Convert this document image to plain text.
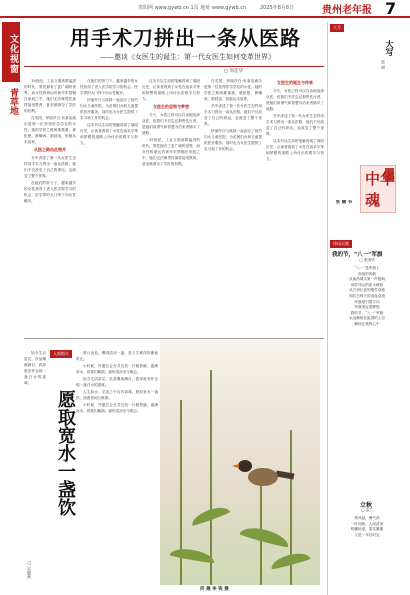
贵阳网 www.gywb.cn 1页 地址 www.gywb.cn	2025年8月8日	贵州老年报 7
文化视窗
青草地
用手术刀拼出一条从医路
——邀谈《女医生的诞生：第一代女医生如何变革世界》
□ 周佳华

19世纪，工业文明高歌猛进的时代，男性拥有了更广阔的世界，而女性的命运仍被牢牢禁锢在家庭之中，她们无法像男性那样接受教育，甚至被剥夺了学医的权利。

在英国，伊丽莎白·布莱克威尔是第一位获得医学学位的女性。她的学医之路困难重重，被拒绝、被嘲讽、被歧视，但她从未放弃。

从医之路由此展开

书中讲述了第一代女医生怎样用手术刀拼出一条从医路，她们不仅改变了自己的命运，也改变了整个世界。

在她们的努力下，越来越多的女性获得了进入医学院学习的机会，医学界的大门终于向女性敞开。

在她们的努力下，越来越多的女性获得了进入医学院学习的机会，医学界的大门终于向女性敞开。

伊丽莎白与妹妹一起创办了纽约妇女儿童医院，为贫困妇女和儿童提供医疗服务，同时也为女医生提供了实习和工作的机会。

这本书以生动的笔触再现了那段历史，让读者看到了女性在追求平等和梦想的道路上所付出的艰辛与努力。

这本书以生动的笔触再现了那段历史，让读者看到了女性在追求平等和梦想的道路上所付出的艰辛与努力。

女医生的坚韧与梦想

今天，女性已经可以自由地选择从医，但我们不应忘记那些先行者，是她们用勇气和智慧为后来者铺平了道路。

19世纪，工业文明高歌猛进的时代，男性拥有了更广阔的世界，而女性的命运仍被牢牢禁锢在家庭之中，她们无法像男性那样接受教育，甚至被剥夺了学医的权利。

在英国，伊丽莎白·布莱克威尔是第一位获得医学学位的女性。她的学医之路困难重重，被拒绝、被嘲讽、被歧视，但她从未放弃。

书中讲述了第一代女医生怎样用手术刀拼出一条从医路，她们不仅改变了自己的命运，也改变了整个世界。

伊丽莎白与妹妹一起创办了纽约妇女儿童医院，为贫困妇女和儿童提供医疗服务，同时也为女医生提供了实习和工作的机会。

女医生的诞生与传承

今天，女性已经可以自由地选择从医，但我们不应忘记那些先行者，是她们用勇气和智慧为后来者铺平了道路。

书中讲述了第一代女医生怎样用手术刀拼出一条从医路，她们不仅改变了自己的命运，也改变了整个世界。

这本书以生动的笔触再现了那段历史，让读者看到了女性在追求平等和梦想的道路上所付出的艰辛与努力。

人间烟火
愿取宽水一盏饮

夏日炎炎，偶得清凉一盏，是人生难得的惬意时光。

小时候，外婆总会在井边放一只粗瓷碗，盛满凉水，供我们解渴。那份清凉至今难忘。

如今生活富足，饮品琳琅满目，我却愈发怀念那一盏白水的滋味。

人生如水，平淡之中自有真味。愿取宽水一盏饮，淡看世间万般事。

小时候，外婆总会在井边放一只粗瓷碗，盛满凉水，供我们解渴。那份清凉至今难忘。

如今生活富足，饮品琳琅满目，我却愈发怀念那一盏白水的滋味。

□ 吴晓燕
同 趣 李 锐 摄
大写
大写
雷 丽
中华魂
张 鹏 书
诗词天地
我的节，“八一”军旗
□ 张国华
“八一”是军旗上
高扬的风帆
从南昌城头第一声枪响
到井冈山的星火燎原
从万里长征的艰苦卓绝
到抗日烽火的浴血奋战
军旗指引着方向
军旗见证着辉煌
我的节，“八一”军旗
永远飘扬在祖国的上空
飘扬在我的心中
立秋
□ 金兰
秋风起，暑气消
一叶知秋，人间清凉
稻穗低垂，果实累累
又是一年好时光
